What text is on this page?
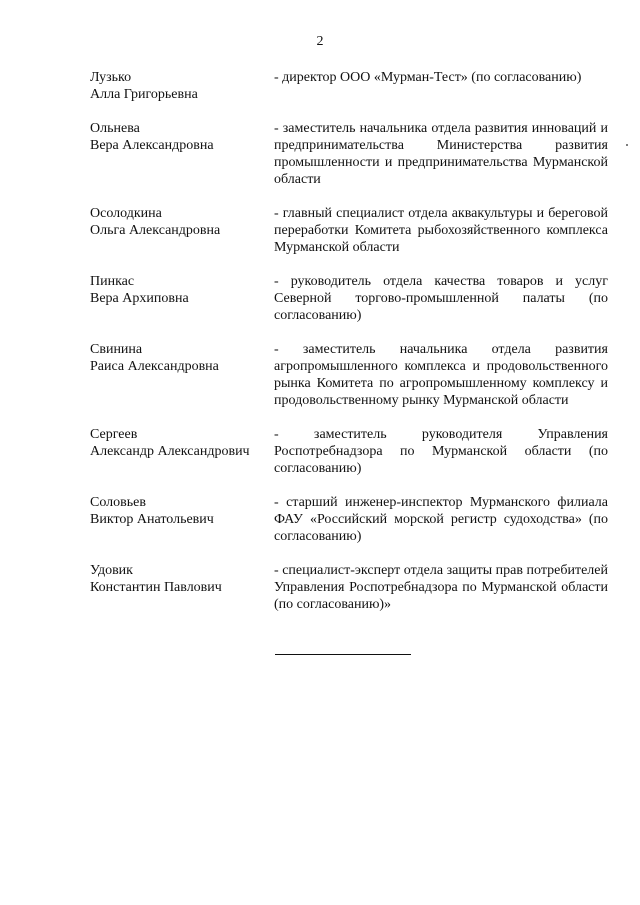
2
Лузько
Алла Григорьевна
- директор ООО «Мурман-Тест» (по согласованию)
Ольнева
Вера Александровна
- заместитель начальника отдела развития инноваций и предпринимательства Министерства развития промышленности и предпринимательства Мурманской области
Осолодкина
Ольга Александровна
- главный специалист отдела аквакультуры и береговой переработки Комитета рыбохозяйственного комплекса Мурманской области
Пинкас
Вера Архиповна
- руководитель отдела качества товаров и услуг Северной торгово-промышленной палаты (по согласованию)
Свинина
Раиса Александровна
- заместитель начальника отдела развития агропромышленного комплекса и продовольственного рынка Комитета по агропромышленному комплексу и продовольственному рынку Мурманской области
Сергеев
Александр Александрович
- заместитель руководителя Управления Роспотребнадзора по Мурманской области (по согласованию)
Соловьев
Виктор Анатольевич
- старший инженер-инспектор Мурманского филиала ФАУ «Российский морской регистр судоходства» (по согласованию)
Удовик
Константин Павлович
- специалист-эксперт отдела защиты прав потребителей Управления Роспотребнадзора по Мурманской области (по согласованию)»
